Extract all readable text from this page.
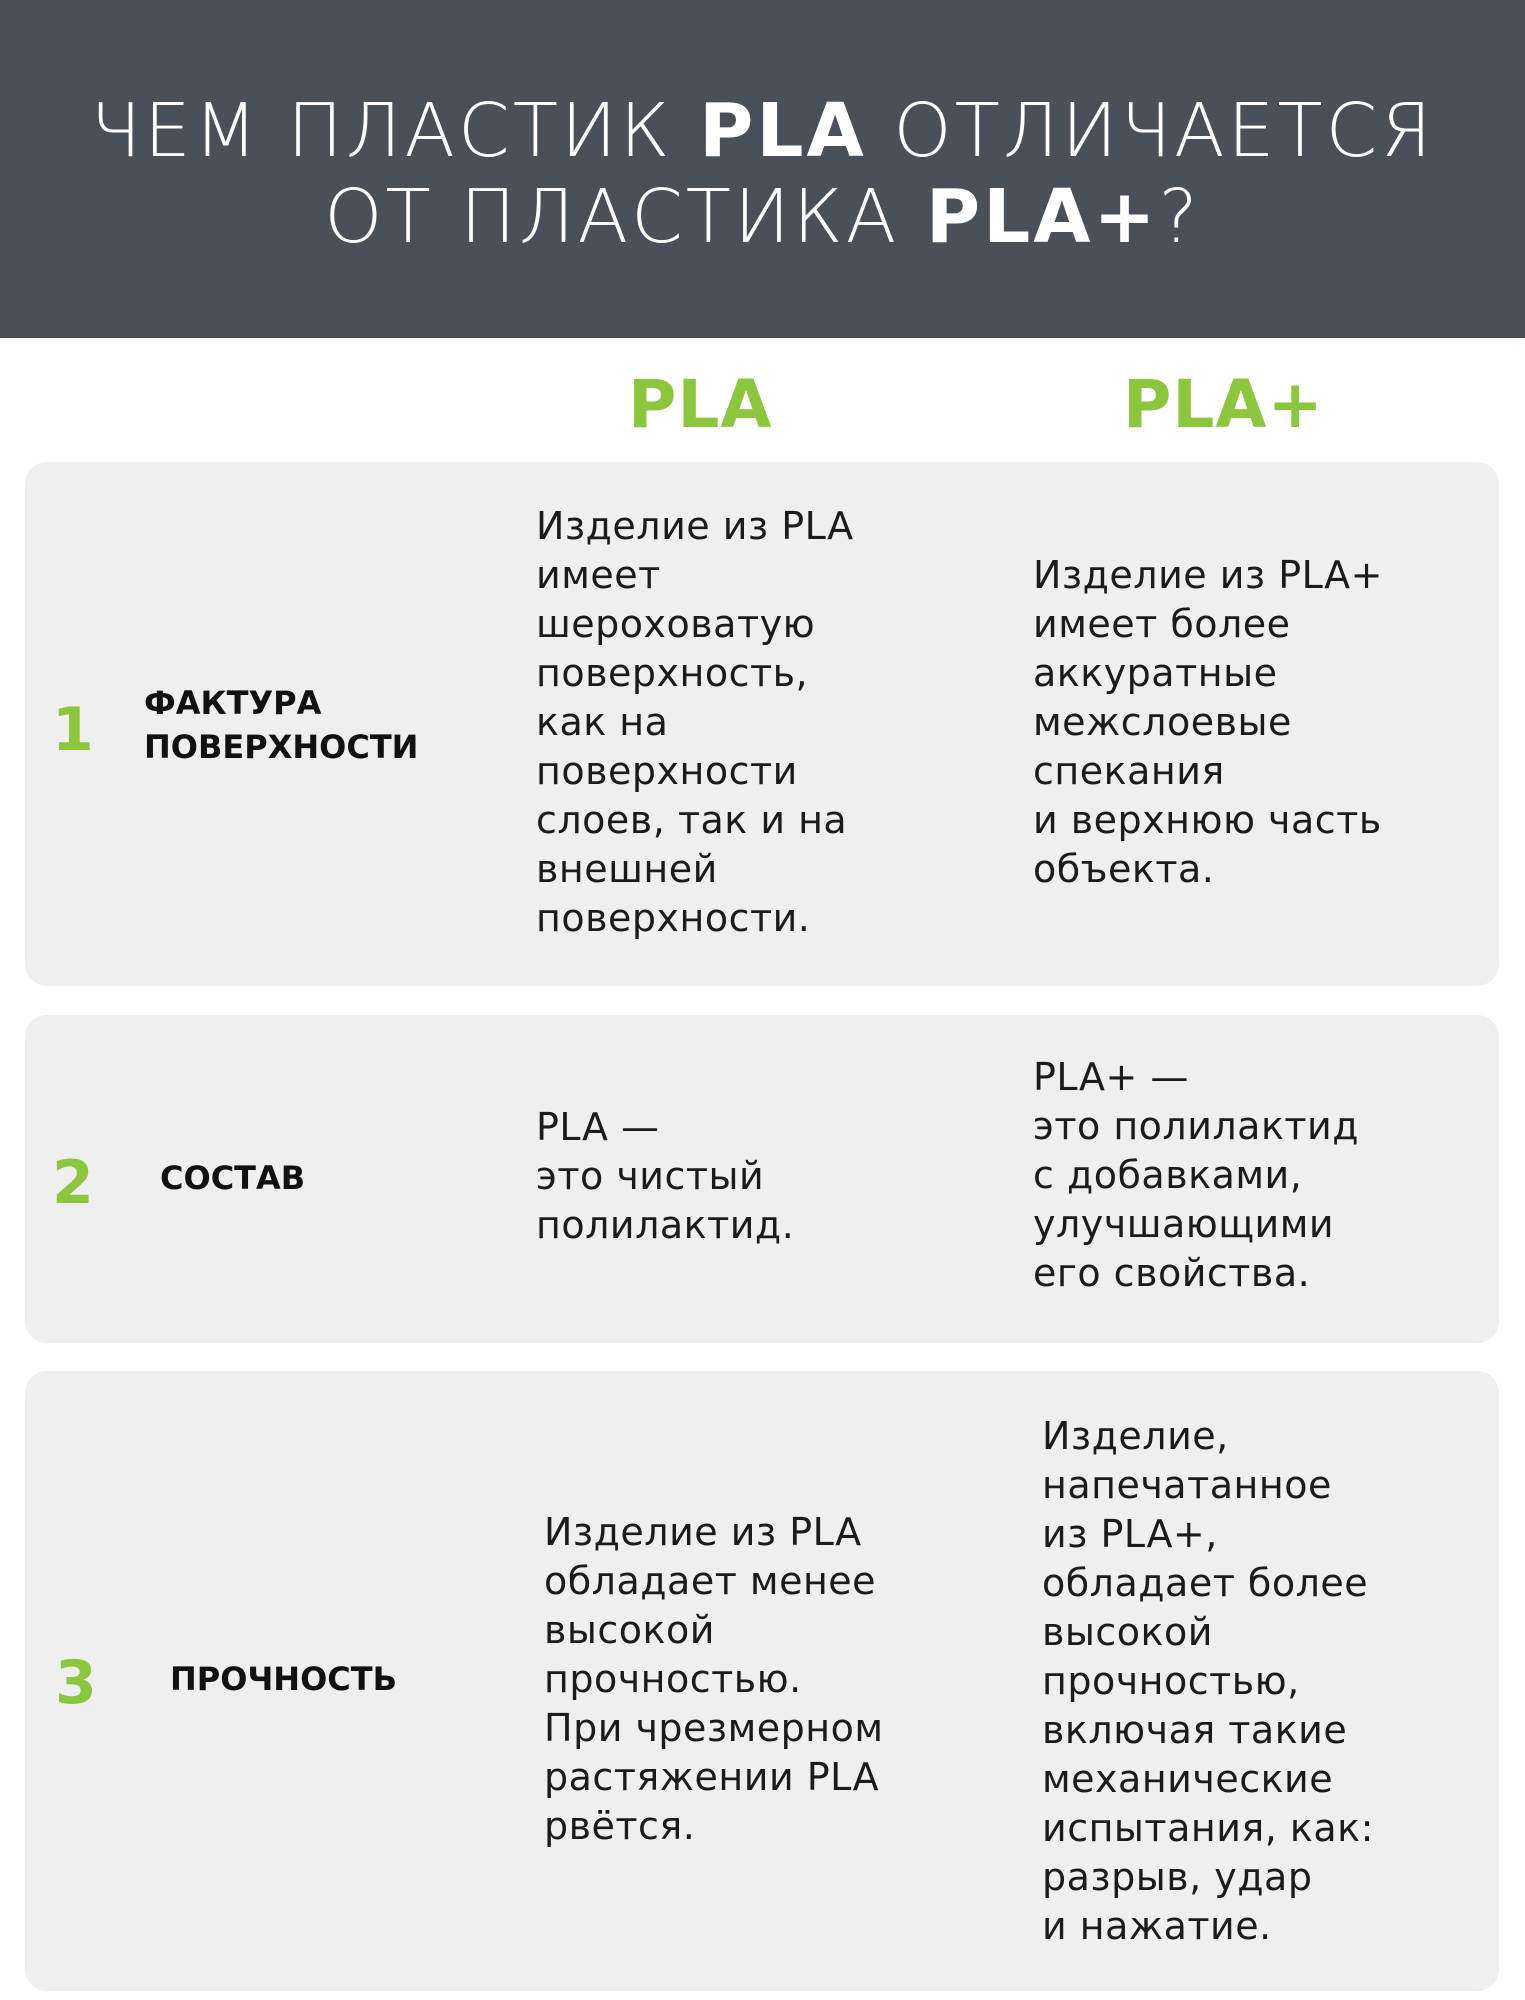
ЧЕМ ПЛАСТИК PLA ОТЛИЧАЕТСЯ
ОТ ПЛАСТИКА PLA+?
PLA	PLA+
1 ФАКТУРА
ПОВЕРХНОСТИ
Изделие из PLA
имеет
шероховатую
поверхность,
как на
поверхности
слоев, так и на
внешней
поверхности.
Изделие из PLA+
имеет более
аккуратные
межслоевые
спекания
и верхнюю часть
объекта.
2 СОСТАВ
PLA —
это чистый
полилактид.
PLA+ —
это полилактид
с добавками,
улучшающими
его свойства.
3 ПРОЧНОСТЬ
Изделие из PLA
обладает менее
высокой
прочностью.
При чрезмерном
растяжении PLA
рвётся.
Изделие,
напечатанное
из PLA+,
обладает более
высокой
прочностью,
включая такие
механические
испытания, как:
разрыв, удар
и нажатие.
